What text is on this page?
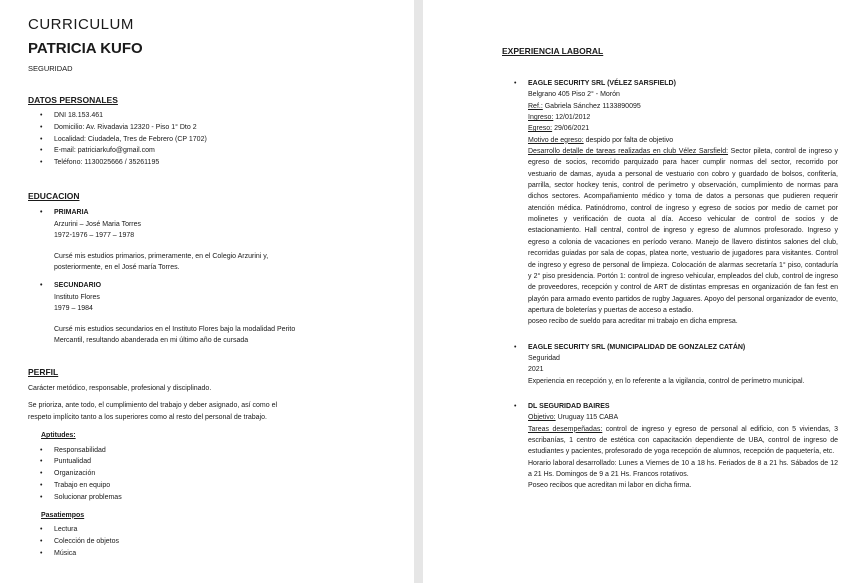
CURRICULUM

PATRICIA KUFO

SEGURIDAD

DATOS PERSONALES

• DNI 18.153.461
• Domicilio: Av. Rivadavia 12320 - Piso 1° Dto 2
• Localidad: Ciudadela, Tres de Febrero (CP 1702)
• E-mail: patriciarkufo@gmail.com
• Teléfono: 1130025666 / 35261195

EDUCACION

• PRIMARIA
Arzurini – José Maria Torres
1972-1976 – 1977 – 1978
Cursé mis estudios primarios, primeramente, en el Colegio Arzurini y,
posteriormente, en el José maría Torres.
• SECUNDARIO
Instituto Flores
1979 – 1984
Cursé mis estudios secundarios en el Instituto Flores bajo la modalidad Perito
Mercantil, resultando abanderada en mi último año de cursada

PERFIL

Carácter metódico, responsable, profesional y disciplinado.
Se prioriza, ante todo, el cumplimiento del trabajo y deber asignado, así como el
respeto implícito tanto a los superiores como al resto del personal de trabajo.
Aptitudes:
• Responsabilidad
• Puntualidad
• Organización
• Trabajo en equipo
• Solucionar problemas
Pasatiempos
• Lectura
• Colección de objetos
• Música

EXPERIENCIA LABORAL

• EAGLE SECURITY SRL (VÉLEZ SARSFIELD)
Belgrano 405 Piso 2° - Morón
Ref.: Gabriela Sánchez 1133890095
Ingreso: 12/01/2012
Egreso: 29/06/2021
Motivo de egreso: despido por falta de objetivo
Desarrollo detalle de tareas realizadas en club Vélez Sarsfield: Sector pileta, control de ingreso y egreso de socios, recorrido parquizado para hacer cumplir normas del sector, recorrido por vestuario de damas, ayuda a personal de vestuario con cobro y guardado de bolsos, confitería, parrilla, sector hockey tenis, control de perímetro y observación, cumplimiento de normas para dichos sectores. Acompañamiento médico y toma de datos a personas que pudieren requerir atención médica. Patinódromo, control de ingreso y egreso de socios por medio de carnet por molinetes y verificación de cuota al día. Acceso vehicular de control de socios y de estacionamiento. Hall central, control de ingreso y egreso de alumnos profesorado. Ingreso y egreso a colonia de vacaciones en período verano. Manejo de llavero distintos salones del club, recorridas guiadas por sala de copas, platea norte, vestuario de jugadores para visitantes. Control de ingreso y egreso de personal de limpieza. Colocación de alarmas secretaría 1° piso, contaduría y 2° piso presidencia. Portón 1: control de ingreso vehicular, empleados del club, control de ingreso de proveedores, recepción y control de ART de distintas empresas en organización de fan fest en playón para armado evento partidos de rugby Jaguares. Apoyo del personal organizador de evento, apertura de boleterías y puertas de acceso a estadio.
poseo recibo de sueldo para acreditar mi trabajo en dicha empresa.
• EAGLE SECURITY SRL (MUNICIPALIDAD DE GONZALEZ CATÁN)
Seguridad
2021
Experiencia en recepción y, en lo referente a la vigilancia, control de perímetro municipal.
• DL SEGURIDAD BAIRES
Objetivo: Uruguay 115 CABA
Tareas desempeñadas: control de ingreso y egreso de personal al edificio, con 5 viviendas, 3 escribanías, 1 centro de estética con capacitación dependiente de UBA, control de ingreso de estudiantes y pacientes, profesorado de yoga recepción de alumnos, recepción de paquetería, etc.
Horario laboral desarrollado: Lunes a Viernes de 10 a 18 hs. Feriados de 8 a 21 hs. Sábados de 12 a 21 Hs. Domingos de 9 a 21 Hs. Francos rotativos.
Poseo recibos que acreditan mi labor en dicha firma.
